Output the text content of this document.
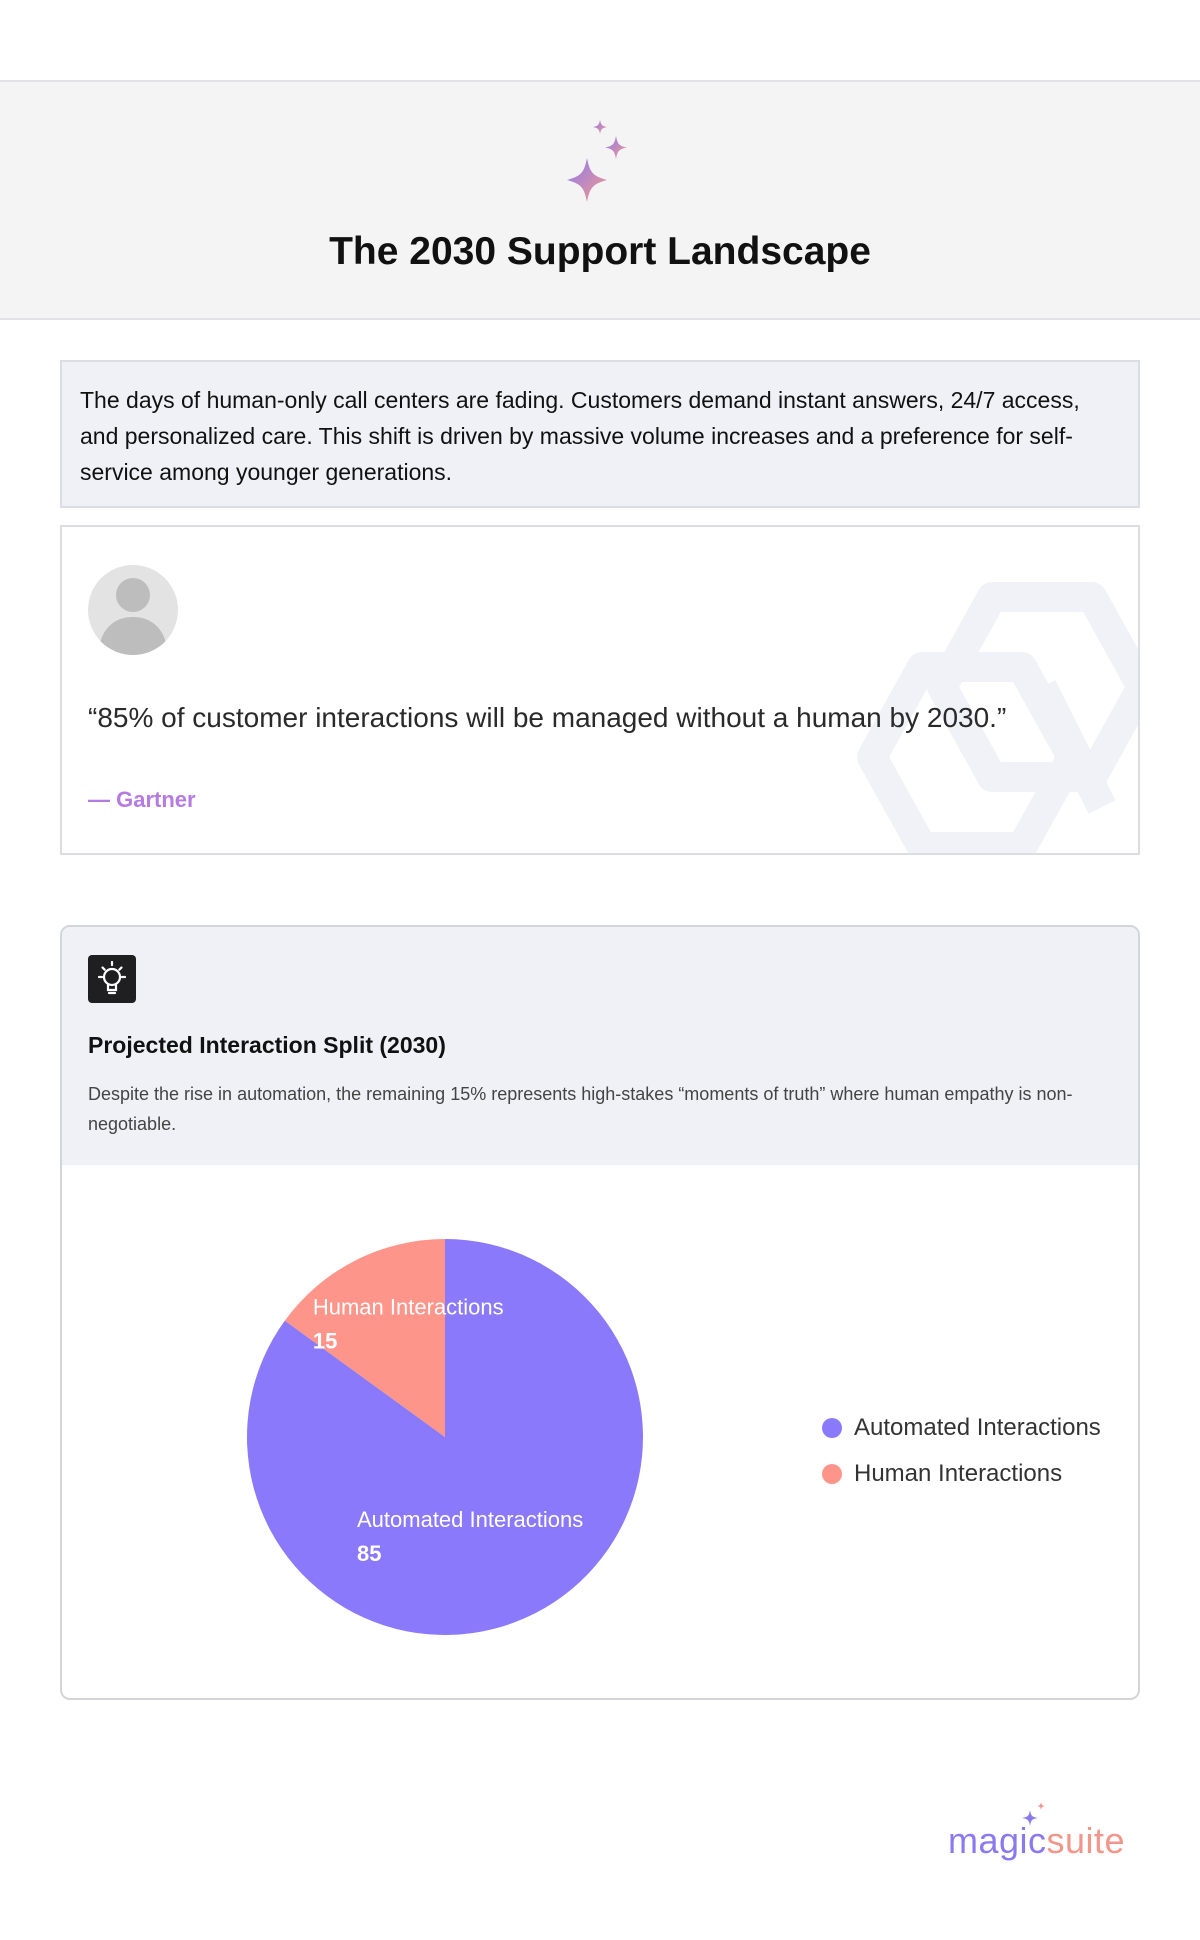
The 2030 Support Landscape

The days of human-only call centers are fading. Customers demand instant answers, 24/7 access, and personalized care. This shift is driven by massive volume increases and a preference for self-service among younger generations.

“85% of customer interactions will be managed without a human by 2030.”

— Gartner

Projected Interaction Split (2030)

Despite the rise in automation, the remaining 15% represents high-stakes “moments of truth” where human empathy is non-negotiable.

Automated Interactions
85
Human Interactions
15
Automated Interactions
Human Interactions
magicsuite
